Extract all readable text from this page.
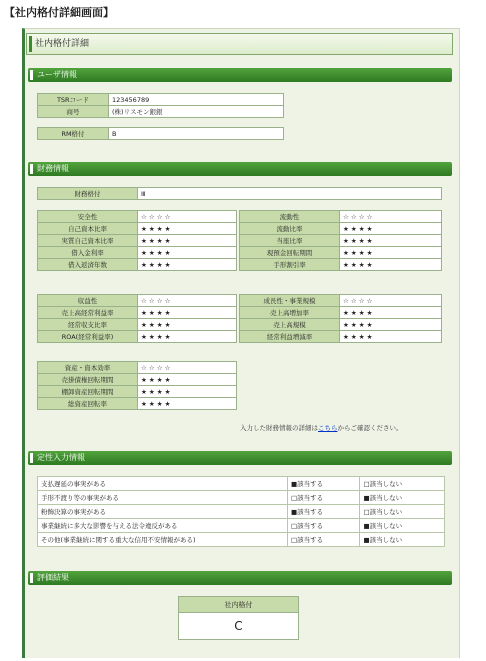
【社内格付詳細画面】
社内格付詳細
ユーザ情報
TSRコード	123456789
商号	(株)リスモン銀銀
RM格付	B
財務情報
財務格付	Ⅲ
安全性	☆ ☆ ☆ ☆
自己資本比率	★ ★ ★ ★
実質自己資本比率	★ ★ ★ ★
借入金利率	★ ★ ★ ★
借入返済年数	★ ★ ★ ★
流動性	☆ ☆ ☆ ☆
流動比率	★ ★ ★ ★
当座比率	★ ★ ★ ★
現預金回転期間	★ ★ ★ ★
手形割引率	★ ★ ★ ★
収益性	☆ ☆ ☆ ☆
売上高経常利益率	★ ★ ★ ★
経常収支比率	★ ★ ★ ★
ROA(経常利益率)	★ ★ ★ ★
成長性・事業規模	☆ ☆ ☆ ☆
売上高増加率	★ ★ ★ ★
売上高規模	★ ★ ★ ★
経常利益増減率	★ ★ ★ ★
資産・資本効率	☆ ☆ ☆ ☆
売掛債権回転期間	★ ★ ★ ★
棚卸資産回転期間	★ ★ ★ ★
総資産回転率	★ ★ ★ ★
入力した財務情報の詳細はこちらからご確認ください。
定性入力情報
支払遅延の事実がある	■該当する	□該当しない
手形不渡り等の事実がある	□該当する	■該当しない
粉飾決算の事実がある	■該当する	□該当しない
事業継続に多大な影響を与える法令違反がある	□該当する	■該当しない
その他(事業継続に関する重大な信用不安情報がある)	□該当する	■該当しない
評価結果
社内格付
C
